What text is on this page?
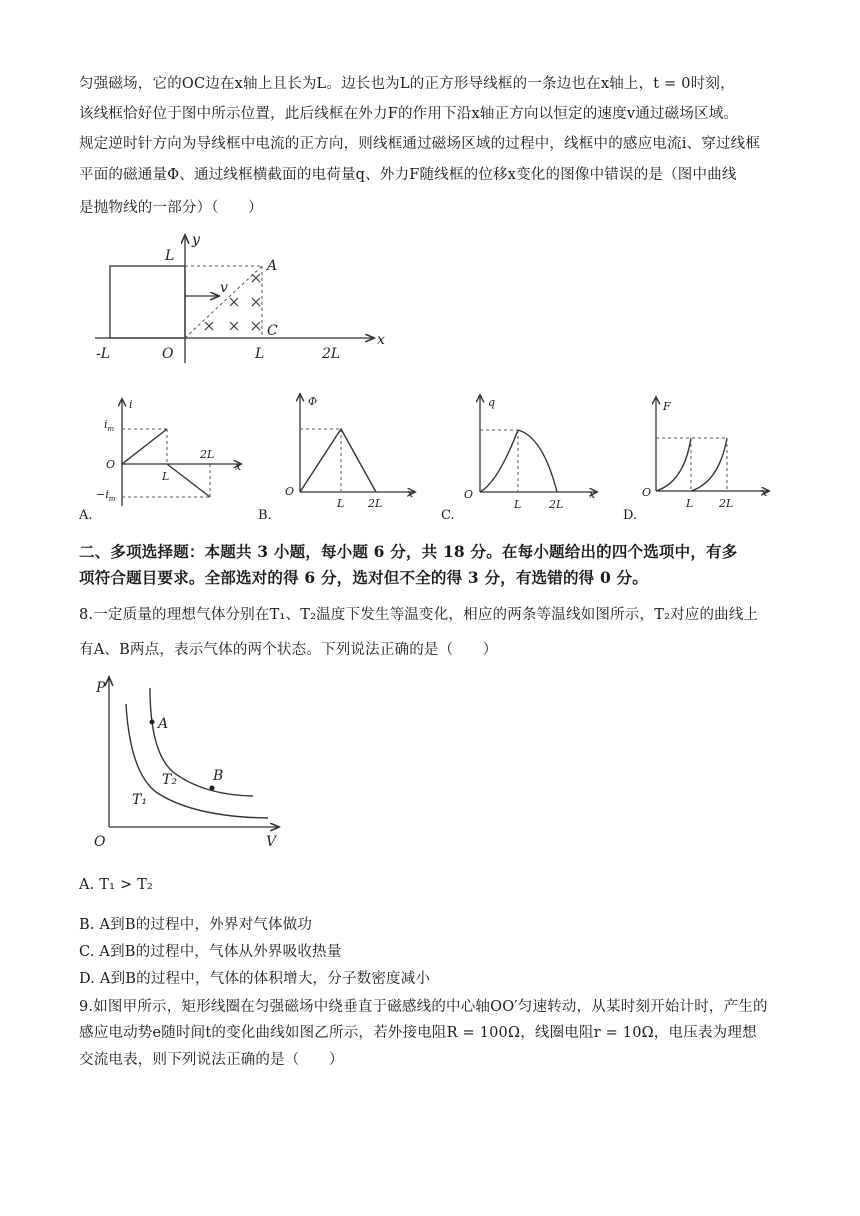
匀强磁场，它的OC边在x轴上且长为L。边长也为L的正方形导线框的一条边也在x轴上，t = 0时刻，
该线框恰好位于图中所示位置，此后线框在外力F的作用下沿x轴正方向以恒定的速度v通过磁场区域。
规定逆时针方向为导线框中电流的正方向，则线框通过磁场区域的过程中，线框中的感应电流i、穿过线框
平面的磁通量Φ、通过线框横截面的电荷量q、外力F随线框的位移x变化的图像中错误的是（图中曲线
是抛物线的一部分）（　　）
v
y
x
L
A
C
-L	O	L	2L
i
x
$i_m$
$-i_m$
O
L
2L
A.
Φ
x
O
L 2L
B.
q
x
O
L	2L
C.
F
x
O
L 2L
D.
二、多项选择题：本题共 3 小题，每小题 6 分，共 18 分。在每小题给出的四个选项中，有多
项符合题目要求。全部选对的得 6 分，选对但不全的得 3 分，有选错的得 0 分。
8.一定质量的理想气体分别在T₁、T₂温度下发生等温变化，相应的两条等温线如图所示，T₂对应的曲线上
有A、B两点，表示气体的两个状态。下列说法正确的是（　　）
P
V
O
A
B
T₂
T₁
A. T₁ > T₂
B. A到B的过程中，外界对气体做功
C. A到B的过程中，气体从外界吸收热量
D. A到B的过程中，气体的体积增大，分子数密度减小
9.如图甲所示，矩形线圈在匀强磁场中绕垂直于磁感线的中心轴OO′匀速转动，从某时刻开始计时，产生的
感应电动势e随时间t的变化曲线如图乙所示，若外接电阻R = 100Ω，线圈电阻r = 10Ω，电压表为理想
交流电表，则下列说法正确的是（　　）
